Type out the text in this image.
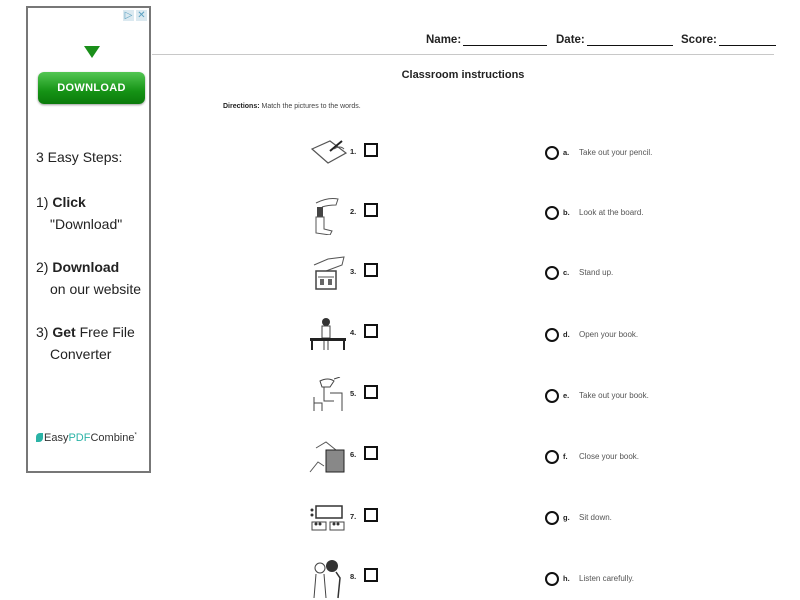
▷ ✕
DOWNLOAD
3 Easy Steps:
1) Click
"Download"
2) Download
on our website
3) Get Free File
Converter
EasyPDFCombine*
Name:	Date:	Score:
Classroom instructions
Directions: Match the pictures to the words.
1.
2.
3.
4.
5.
6.
7.
8.
a. Take out your pencil.
b. Look at the board.
c. Stand up.
d. Open your book.
e. Take out your book.
f. Close your book.
g. Sit down.
h. Listen carefully.
